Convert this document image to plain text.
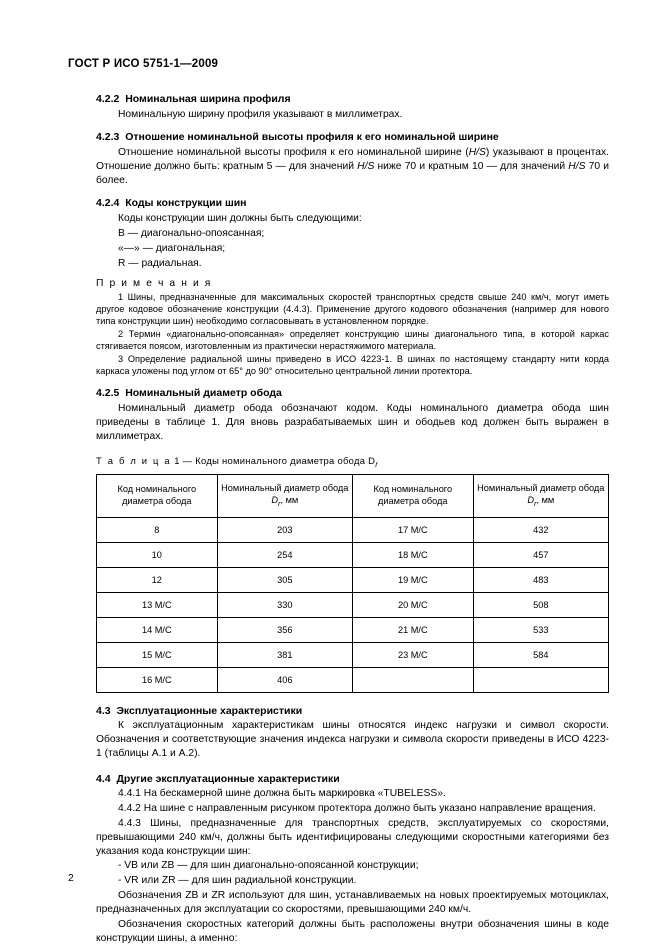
ГОСТ Р ИСО 5751-1—2009
4.2.2 Номинальная ширина профиля

Номинальную ширину профиля указывают в миллиметрах.

4.2.3 Отношение номинальной высоты профиля к его номинальной ширине

Отношение номинальной высоты профиля к его номинальной ширине (H/S) указывают в процентах. Отношение должно быть: кратным 5 — для значений H/S ниже 70 и кратным 10 — для значений H/S 70 и более.

4.2.4 Коды конструкции шин

Коды конструкции шин должны быть следующими:

B — диагонально-опоясанная;

«—» — диагональная;

R — радиальная.

П р и м е ч а н и я

1 Шины, предназначенные для максимальных скоростей транспортных средств свыше 240 км/ч, могут иметь другое кодовое обозначение конструкции (4.4.3). Применение другого кодового обозначения (например для нового типа конструкции шин) необходимо согласовывать в установленном порядке.

2 Термин «диагонально-опоясанная» определяет конструкцию шины диагонального типа, в которой каркас стягивается поясом, изготовленным из практически нерастяжимого материала.

3 Определение радиальной шины приведено в ИСО 4223-1. В шинах по настоящему стандарту нити корда каркаса уложены под углом от 65° до 90° относительно центральной линии протектора.

4.2.5 Номинальный диаметр обода

Номинальный диаметр обода обозначают кодом. Коды номинального диаметра обода шин приведены в таблице 1. Для вновь разрабатываемых шин и ободьев код должен быть выражен в миллиметрах.

Т а б л и ц а 1 — Коды номинального диаметра обода $D_r$
Код номинального диаметра обода	Номинальный диаметр обода
$D_r$, мм	Код номинального диаметра обода	Номинальный диаметр обода
$D_r$, мм
8	203	17 M/C	432
10	254	18 M/C	457
12	305	19 M/C	483
13 M/C	330	20 M/C	508
14 M/C	356	21 M/C	533
15 M/C	381	23 M/C	584
16 M/C	406		
4.3 Эксплуатационные характеристики

К эксплуатационным характеристикам шины относятся индекс нагрузки и символ скорости. Обозначения и соответствующие значения индекса нагрузки и символа скорости приведены в ИСО 4223-1 (таблицы А.1 и А.2).

4.4 Другие эксплуатационные характеристики

4.4.1 На бескамерной шине должна быть маркировка «TUBELESS».

4.4.2 На шине с направленным рисунком протектора должно быть указано направление вращения.

4.4.3 Шины, предназначенные для транспортных средств, эксплуатируемых со скоростями, превышающими 240 км/ч, должны быть идентифицированы следующими скоростными категориями без указания кода конструкции шин:

- VB или ZB — для шин диагонально-опоясанной конструкции;

- VR или ZR — для шин радиальной конструкции.

Обозначения ZB и ZR используют для шин, устанавливаемых на новых проектируемых мотоциклах, предназначенных для эксплуатации со скоростями, превышающими 240 км/ч.

Обозначения скоростных категорий должны быть расположены внутри обозначения шины в коде конструкции шины, а именно:

2
